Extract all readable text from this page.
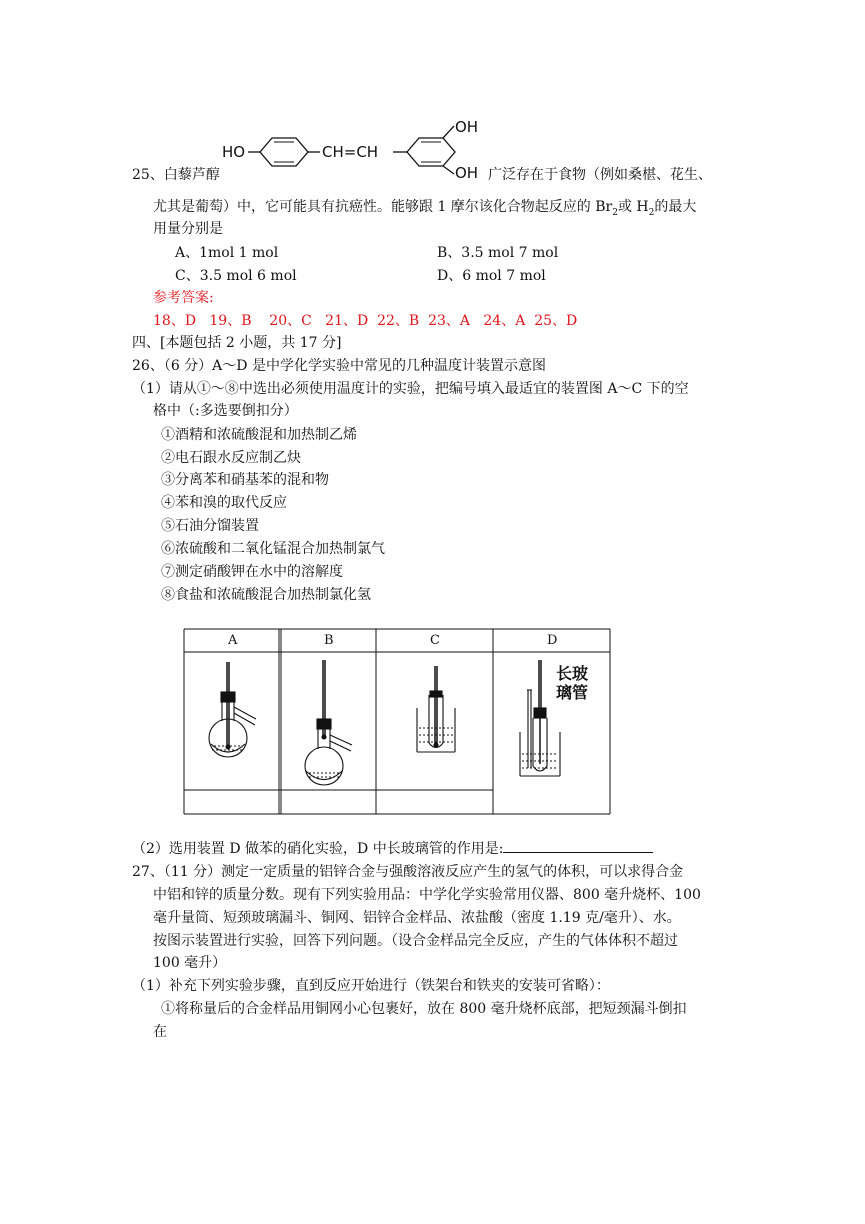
HO	CH=CH
OH
OH
25、白藜芦醇	广泛存在于食物（例如桑椹、花生、
尤其是葡萄）中，它可能具有抗癌性。能够跟 1 摩尔该化合物起反应的 $Br_2$或 $H_2$的最大
用量分别是
A、1mol 1 mol	B、3.5 mol 7 mol
C、3.5 mol 6 mol	D、6 mol 7 mol
参考答案:
18、D   19、B    20、C   21、D  22、B  23、A   24、A  25、D
四、[本题包括 2 小题，共 17 分]
26、（6 分）A～D 是中学化学实验中常见的几种温度计装置示意图
（1）请从①～⑧中选出必须使用温度计的实验，把编号填入最适宜的装置图 A～C 下的空
格中（:多选要倒扣分）
①酒精和浓硫酸混和加热制乙烯
②电石跟水反应制乙炔
③分离苯和硝基苯的混和物
④苯和溴的取代反应
⑤石油分馏装置
⑥浓硫酸和二氧化锰混合加热制氯气
⑦测定硝酸钾在水中的溶解度
⑧食盐和浓硫酸混合加热制氯化氢
A	B	C	D
长玻
璃管
（2）选用装置 D 做苯的硝化实验，D 中长玻璃管的作用是:
27、（11 分）测定一定质量的铝锌合金与强酸溶液反应产生的氢气的体积，可以求得合金
中铝和锌的质量分数。现有下列实验用品：中学化学实验常用仪器、800 毫升烧杯、100
毫升量筒、短颈玻璃漏斗、铜网、铝锌合金样品、浓盐酸（密度 1.19 克/毫升）、水。
按图示装置进行实验，回答下列问题。（设合金样品完全反应，产生的气体体积不超过
100 毫升）
（1）补充下列实验步骤，直到反应开始进行（铁架台和铁夹的安装可省略）：
①将称量后的合金样品用铜网小心包裹好，放在 800 毫升烧杯底部，把短颈漏斗倒扣
在
